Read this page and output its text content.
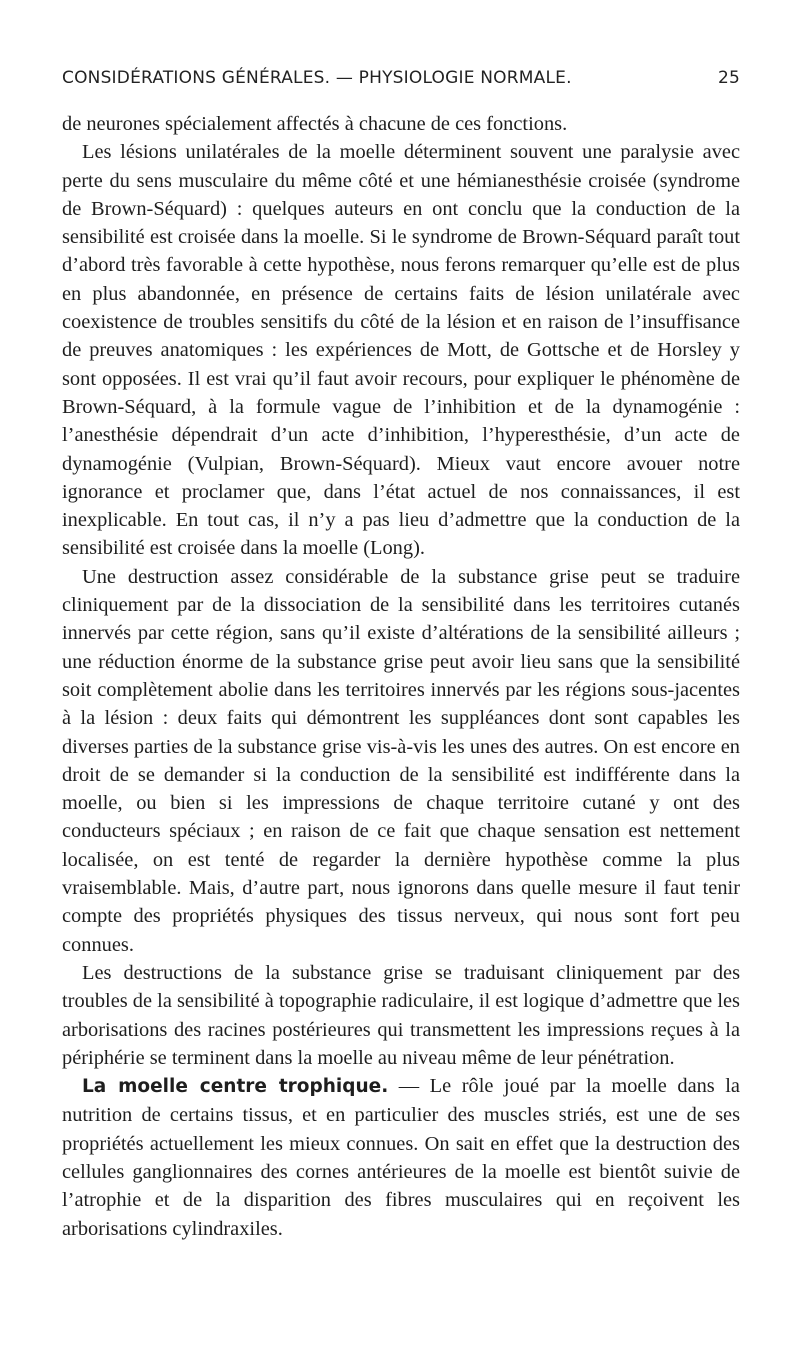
CONSIDÉRATIONS GÉNÉRALES. — PHYSIOLOGIE NORMALE.	25

de neurones spécialement affectés à chacune de ces fonctions.

Les lésions unilatérales de la moelle déterminent souvent une paralysie avec perte du sens musculaire du même côté et une hémianesthésie croisée (syndrome de Brown-Séquard) : quelques auteurs en ont conclu que la conduction de la sensibilité est croisée dans la moelle. Si le syndrome de Brown-Séquard paraît tout d’abord très favorable à cette hypothèse, nous ferons remarquer qu’elle est de plus en plus abandonnée, en présence de certains faits de lésion unilatérale avec coexistence de troubles sensitifs du côté de la lésion et en raison de l’insuffisance de preuves anatomiques : les expériences de Mott, de Gottsche et de Horsley y sont opposées. Il est vrai qu’il faut avoir recours, pour expliquer le phénomène de Brown-Séquard, à la formule vague de l’inhibition et de la dynamogénie : l’anesthésie dépendrait d’un acte d’inhibition, l’hyperesthésie, d’un acte de dynamogénie (Vulpian, Brown-Séquard). Mieux vaut encore avouer notre ignorance et proclamer que, dans l’état actuel de nos connaissances, il est inexplicable. En tout cas, il n’y a pas lieu d’admettre que la conduction de la sensibilité est croisée dans la moelle (Long).

Une destruction assez considérable de la substance grise peut se traduire cliniquement par de la dissociation de la sensibilité dans les territoires cutanés innervés par cette région, sans qu’il existe d’altérations de la sensibilité ailleurs ; une réduction énorme de la substance grise peut avoir lieu sans que la sensibilité soit complètement abolie dans les territoires innervés par les régions sous-jacentes à la lésion : deux faits qui démontrent les suppléances dont sont capables les diverses parties de la substance grise vis-à-vis les unes des autres. On est encore en droit de se demander si la conduction de la sensibilité est indifférente dans la moelle, ou bien si les impressions de chaque territoire cutané y ont des conducteurs spéciaux ; en raison de ce fait que chaque sensation est nettement localisée, on est tenté de regarder la dernière hypothèse comme la plus vraisemblable. Mais, d’autre part, nous ignorons dans quelle mesure il faut tenir compte des propriétés physiques des tissus nerveux, qui nous sont fort peu connues.

Les destructions de la substance grise se traduisant cliniquement par des troubles de la sensibilité à topographie radiculaire, il est logique d’admettre que les arborisations des racines postérieures qui transmettent les impressions reçues à la périphérie se terminent dans la moelle au niveau même de leur pénétration.

La moelle centre trophique. — Le rôle joué par la moelle dans la nutrition de certains tissus, et en particulier des muscles striés, est une de ses propriétés actuellement les mieux connues. On sait en effet que la destruction des cellules ganglionnaires des cornes antérieures de la moelle est bientôt suivie de l’atrophie et de la disparition des fibres musculaires qui en reçoivent les arborisations cylindraxiles.
